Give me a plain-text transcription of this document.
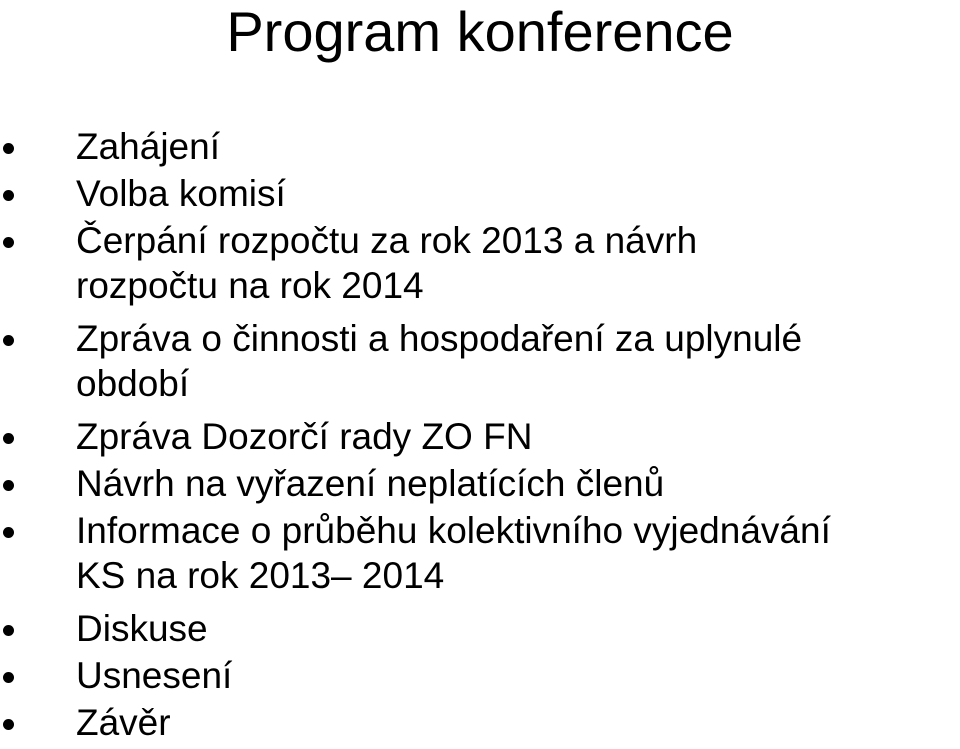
Program konference
Zahájení
Volba komisí
Čerpání rozpočtu za rok 2013 a návrh
rozpočtu na rok 2014
Zpráva o činnosti a hospodaření za uplynulé
období
Zpráva Dozorčí rady ZO FN
Návrh na vyřazení neplatících členů
Informace o průběhu kolektivního vyjednávání
KS na rok 2013– 2014
Diskuse
Usnesení
Závěr
